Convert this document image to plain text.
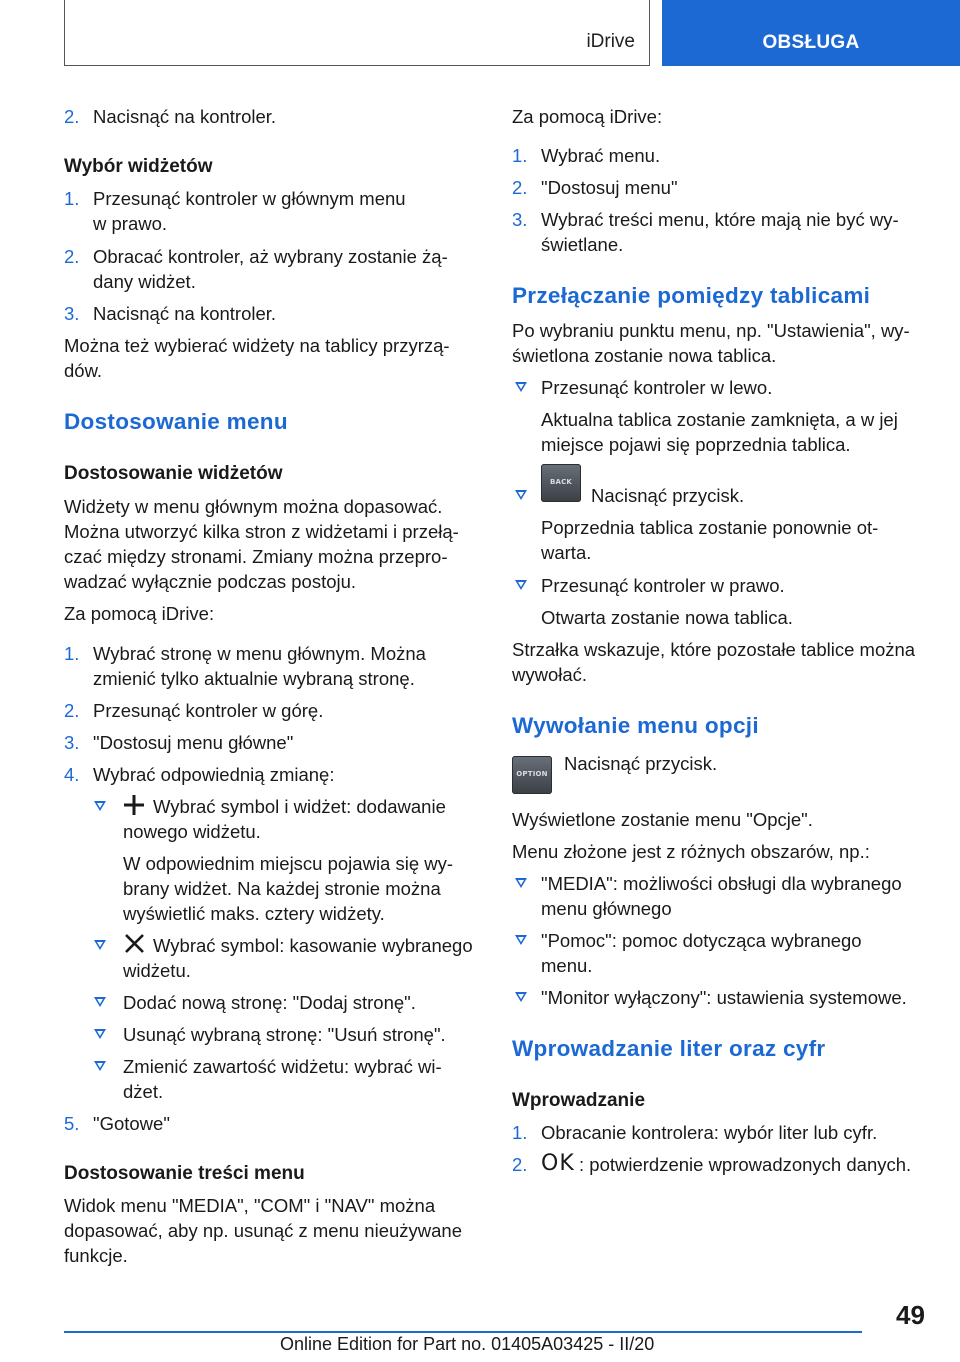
iDrive	OBSŁUGA
2. Nacisnąć na kontroler.
Wybór widżetów
1. Przesunąć kontroler w głównym menu
w prawo.
2. Obracać kontroler, aż wybrany zostanie żą-
dany widżet.
3. Nacisnąć na kontroler.
Można też wybierać widżety na tablicy przyrzą-
dów.
Dostosowanie menu
Dostosowanie widżetów
Widżety w menu głównym można dopasować.
Można utworzyć kilka stron z widżetami i przełą-
czać między stronami. Zmiany można przepro-
wadzać wyłącznie podczas postoju.
Za pomocą iDrive:
1. Wybrać stronę w menu głównym. Można
zmienić tylko aktualnie wybraną stronę.
2. Przesunąć kontroler w górę.
3. "Dostosuj menu główne"
4. Wybrać odpowiednią zmianę:
Wybrać symbol i widżet: dodawanie
nowego widżetu.
W odpowiednim miejscu pojawia się wy-
brany widżet. Na każdej stronie można
wyświetlić maks. cztery widżety.
Wybrać symbol: kasowanie wybranego
widżetu.
Dodać nową stronę: "Dodaj stronę".
Usunąć wybraną stronę: "Usuń stronę".
Zmienić zawartość widżetu: wybrać wi-
dżet.
5. "Gotowe"
Dostosowanie treści menu
Widok menu "MEDIA", "COM" i "NAV" można
dopasować, aby np. usunąć z menu nieużywane
funkcje.
Za pomocą iDrive:
1. Wybrać menu.
2. "Dostosuj menu"
3. Wybrać treści menu, które mają nie być wy-
świetlane.
Przełączanie pomiędzy tablicami
Po wybraniu punktu menu, np. "Ustawienia", wy-
świetlona zostanie nowa tablica.
Przesunąć kontroler w lewo.
Aktualna tablica zostanie zamknięta, a w jej
miejsce pojawi się poprzednia tablica.
BACK
Nacisnąć przycisk.
Poprzednia tablica zostanie ponownie ot-
warta.
Przesunąć kontroler w prawo.
Otwarta zostanie nowa tablica.
Strzałka wskazuje, które pozostałe tablice można
wywołać.
Wywołanie menu opcji
OPTION Nacisnąć przycisk.
Wyświetlone zostanie menu "Opcje".
Menu złożone jest z różnych obszarów, np.:
"MEDIA": możliwości obsługi dla wybranego
menu głównego
"Pomoc": pomoc dotycząca wybranego
menu.
"Monitor wyłączony": ustawienia systemowe.
Wprowadzanie liter oraz cyfr
Wprowadzanie
1. Obracanie kontrolera: wybór liter lub cyfr.
2. OK : potwierdzenie wprowadzonych danych.
49
Online Edition for Part no. 01405A03425 - II/20
